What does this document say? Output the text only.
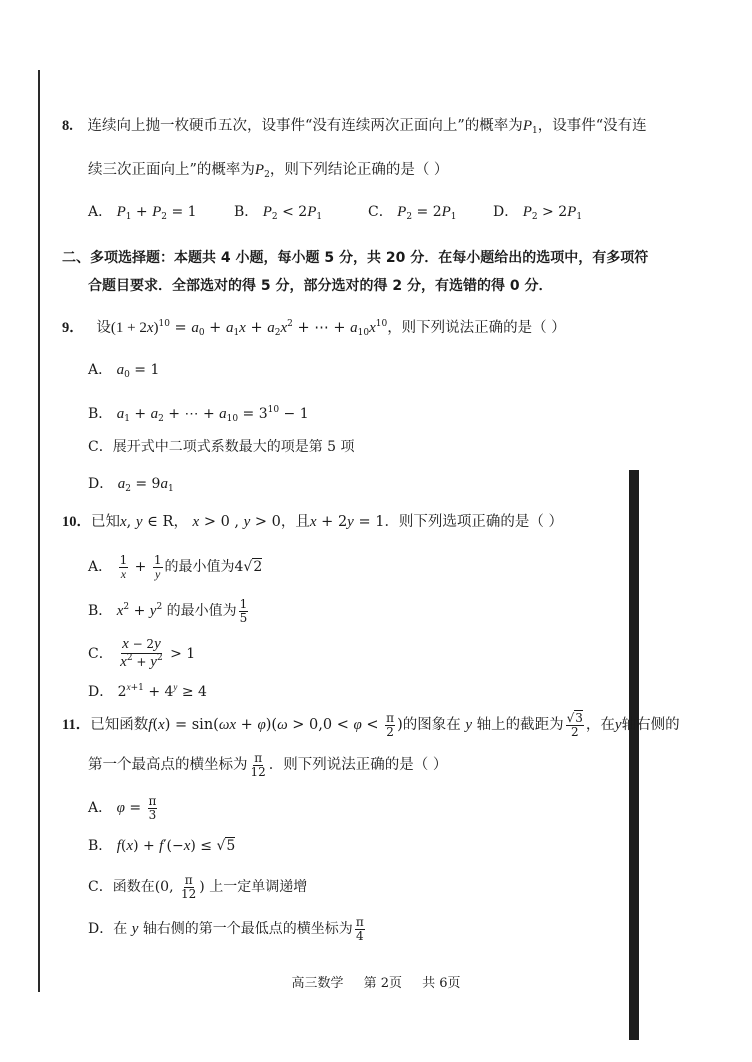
8. 连续向上抛一枚硬币五次，设事件“没有连续两次正面向上”的概率为$P_1$，设事件“没有连
续三次正面向上”的概率为$P_2$，则下列结论正确的是（ ）
A． $P_1 + P_2 = 1$	B． $P_2 < 2P_1$	C． $P_2 = 2P_1$	D． $P_2 > 2P_1$
二、多项选择题：本题共 4 小题，每小题 5 分，共 20 分．在每小题给出的选项中，有多项符
合题目要求．全部选对的得 5 分，部分选对的得 2 分，有选错的得 0 分．
9． 设$(1 + 2x)^{10} = a_0 + a_1x + a_2x^2$ + ⋯ + $a_{10}x^{10}$，则下列说法正确的是（ ）
A． $a_0 = 1$
B． $a_1 + a_2$ + ⋯ + $a_{10} = 3^{10} - 1$
C．展开式中二项式系数最大的项是第 5 项
D． $a_2 = 9a_1$
10．已知x, y ∈ R， x > 0 , y > 0，且x + 2y = 1．则下列选项正确的是（ ）
A． $\frac{1}{x} + \frac{1}{y}$ 的最小值为4√2
B． $x^2 + y^2$ 的最小值为 $\frac{1}{5}$
C． $\frac{x - 2y}{x^2 + y^2} > 1$
D． $2^{x+1} + 4^y \ge 4$
11．已知函数$f(x) = \sin(\omega x + \varphi)(\omega > 0,0 < \varphi < \frac{\pi}{2}$ )的图象在 y 轴上的截距为 $\frac{√3}{2}$ ，在y轴右侧的
第一个最高点的横坐标为 $\frac{\pi}{12}$ ．则下列说法正确的是（ ）
A． $\varphi = \frac{\pi}{3}$
B． f(x) + f′(−x) ≤ √5
C．函数在(0, $\frac{\pi}{12}$ ) 上一定单调递增
D．在 y 轴右侧的第一个最低点的横坐标为 $\frac{\pi}{4}$
高三数学 第 2页 共 6页
